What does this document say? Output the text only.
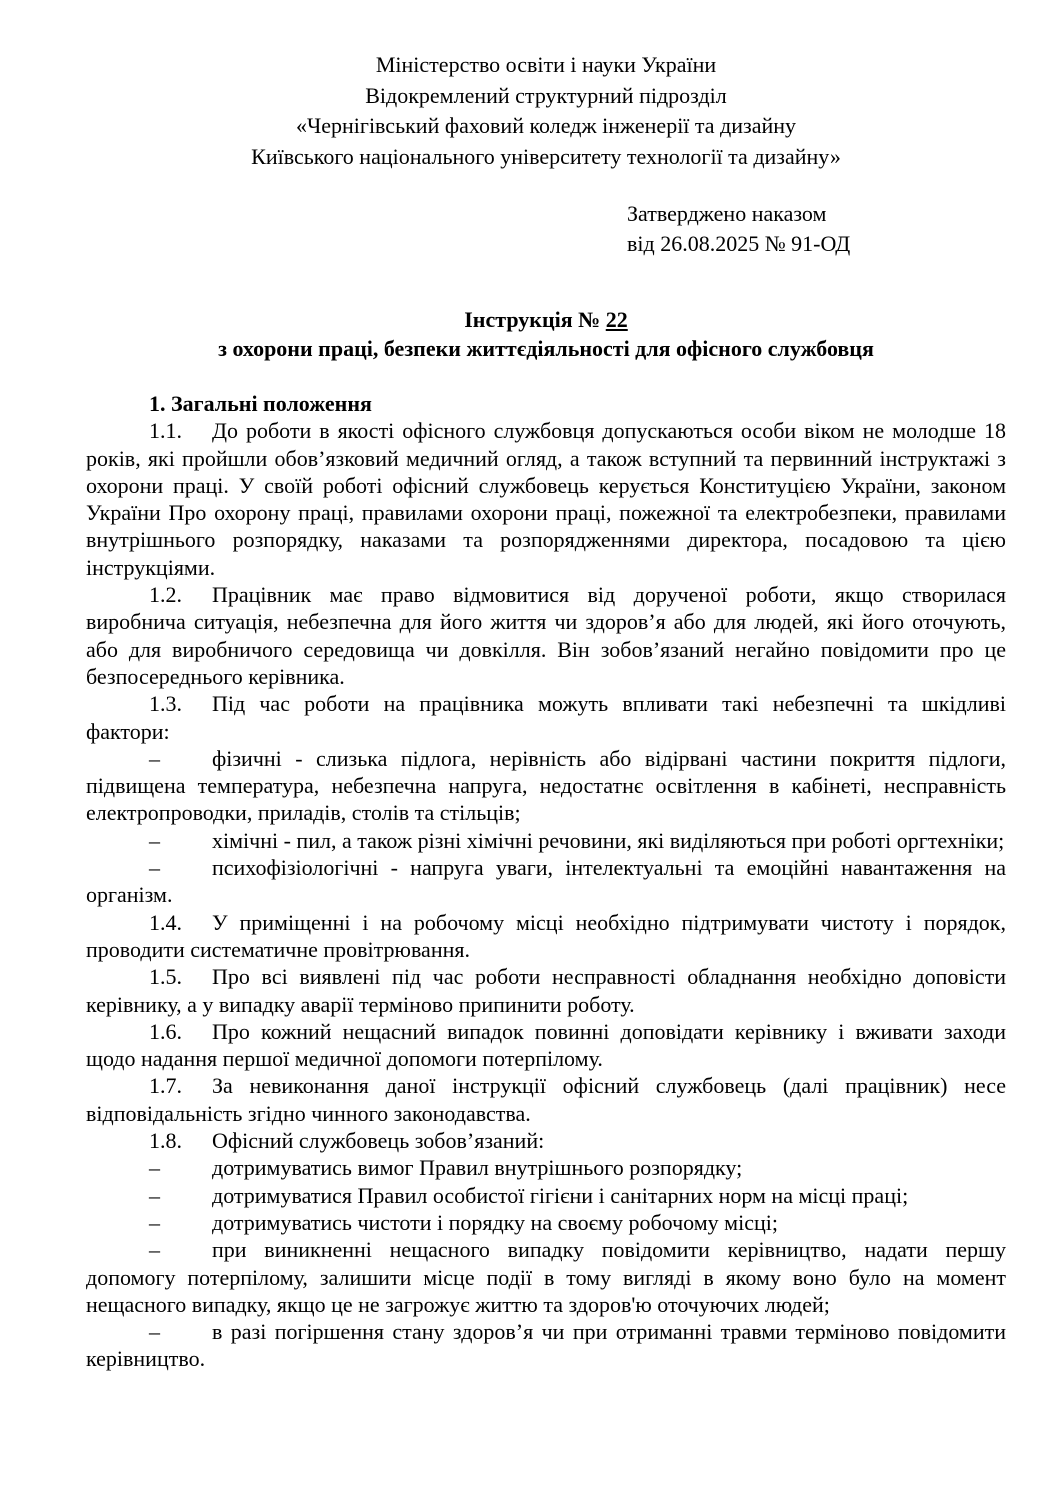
Міністерство освіти і науки України
Відокремлений структурний підрозділ
«Чернігівський фаховий коледж інженерії та дизайну
Київського національного університету технології та дизайну»
Затверджено наказом
від 26.08.2025 № 91-ОД
Інструкція № 22
з охорони праці, безпеки життєдіяльності для офісного службовця

1. Загальні положення

1.1. До роботи в якості офісного службовця допускаються особи віком не молодше 18 років, які пройшли обов’язковий медичний огляд, а також вступний та первинний інструктажі з охорони праці. У своїй роботі офісний службовець керується Конституцією України, законом України Про охорону праці, правилами охорони праці, пожежної та електробезпеки, правилами внутрішнього розпорядку, наказами та розпорядженнями директора, посадовою та цією інструкціями.

1.2. Працівник має право відмовитися від дорученої роботи, якщо створилася виробнича ситуація, небезпечна для його життя чи здоров’я або для людей, які його оточують, або для виробничого середовища чи довкілля. Він зобов’язаний негайно повідомити про це безпосереднього керівника.

1.3. Під час роботи на працівника можуть впливати такі небезпечні та шкідливі фактори:

– фізичні - слизька підлога, нерівність або відірвані частини покриття підлоги, підвищена температура, небезпечна напруга, недостатнє освітлення в кабінеті, несправність електропроводки, приладів, столів та стільців;

– хімічні - пил, а також різні хімічні речовини, які виділяються при роботі оргтехніки;

– психофізіологічні - напруга уваги, інтелектуальні та емоційні навантаження на організм.

1.4. У приміщенні і на робочому місці необхідно підтримувати чистоту і порядок, проводити систематичне провітрювання.

1.5. Про всі виявлені під час роботи несправності обладнання необхідно доповісти керівнику, а у випадку аварії терміново припинити роботу.

1.6. Про кожний нещасний випадок повинні доповідати керівнику і вживати заходи щодо надання першої медичної допомоги потерпілому.

1.7. За невиконання даної інструкції офісний службовець (далі працівник) несе відповідальність згідно чинного законодавства.

1.8. Офісний службовець зобов’язаний:

– дотримуватись вимог Правил внутрішнього розпорядку;

– дотримуватися Правил особистої гігієни і санітарних норм на місці праці;

– дотримуватись чистоти і порядку на своєму робочому місці;

– при виникненні нещасного випадку повідомити керівництво, надати першу допомогу потерпілому, залишити місце події в тому вигляді в якому воно було на момент нещасного випадку, якщо це не загрожує життю та здоров'ю оточуючих людей;

– в разі погіршення стану здоров’я чи при отриманні травми терміново повідомити керівництво.
